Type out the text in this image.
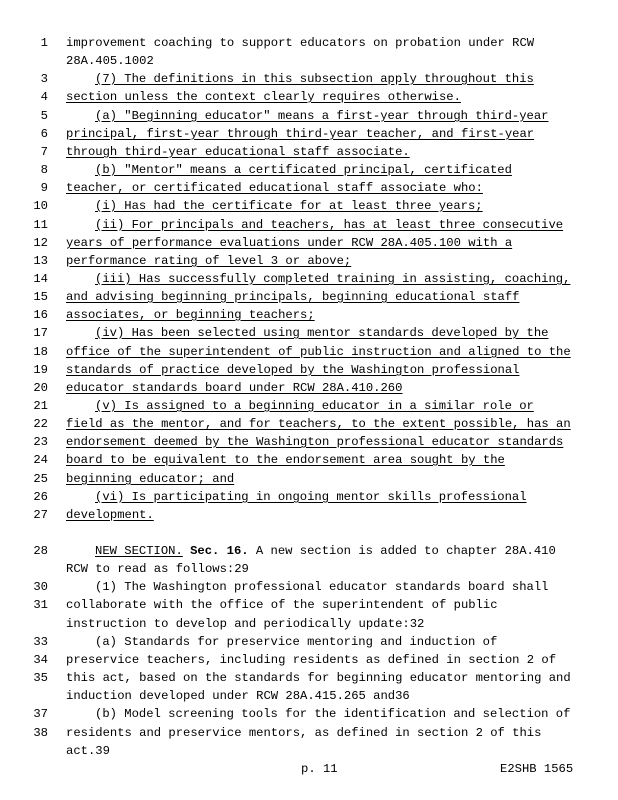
1 improvement coaching to support educators on probation under RCW
28A.405.1002
3	(7) The definitions in this subsection apply throughout this
4 section unless the context clearly requires otherwise.
5	(a) "Beginning educator" means a first-year through third-year
6 principal, first-year through third-year teacher, and first-year
7 through third-year educational staff associate.
8	(b) "Mentor" means a certificated principal, certificated
9 teacher, or certificated educational staff associate who:
10	(i) Has had the certificate for at least three years;
11	(ii) For principals and teachers, has at least three consecutive
12 years of performance evaluations under RCW 28A.405.100 with a
13 performance rating of level 3 or above;
14	(iii) Has successfully completed training in assisting, coaching,
15 and advising beginning principals, beginning educational staff
16 associates, or beginning teachers;
17	(iv) Has been selected using mentor standards developed by the
18 office of the superintendent of public instruction and aligned to the
19 standards of practice developed by the Washington professional
20 educator standards board under RCW 28A.410.260
21	(v) Is assigned to a beginning educator in a similar role or
22 field as the mentor, and for teachers, to the extent possible, has an
23 endorsement deemed by the Washington professional educator standards
24 board to be equivalent to the endorsement area sought by the
25 beginning educator; and
26	(vi) Is participating in ongoing mentor skills professional
27 development.
28	NEW SECTION. Sec. 16. A new section is added to chapter 28A.410
RCW to read as follows:29
30	(1) The Washington professional educator standards board shall
31 collaborate with the office of the superintendent of public
instruction to develop and periodically update:32
33	(a) Standards for preservice mentoring and induction of
34 preservice teachers, including residents as defined in section 2 of
35 this act, based on the standards for beginning educator mentoring and
induction developed under RCW 28A.415.265 and36
37	(b) Model screening tools for the identification and selection of
38 residents and preservice mentors, as defined in section 2 of this
act.39
p. 11	E2SHB 1565
